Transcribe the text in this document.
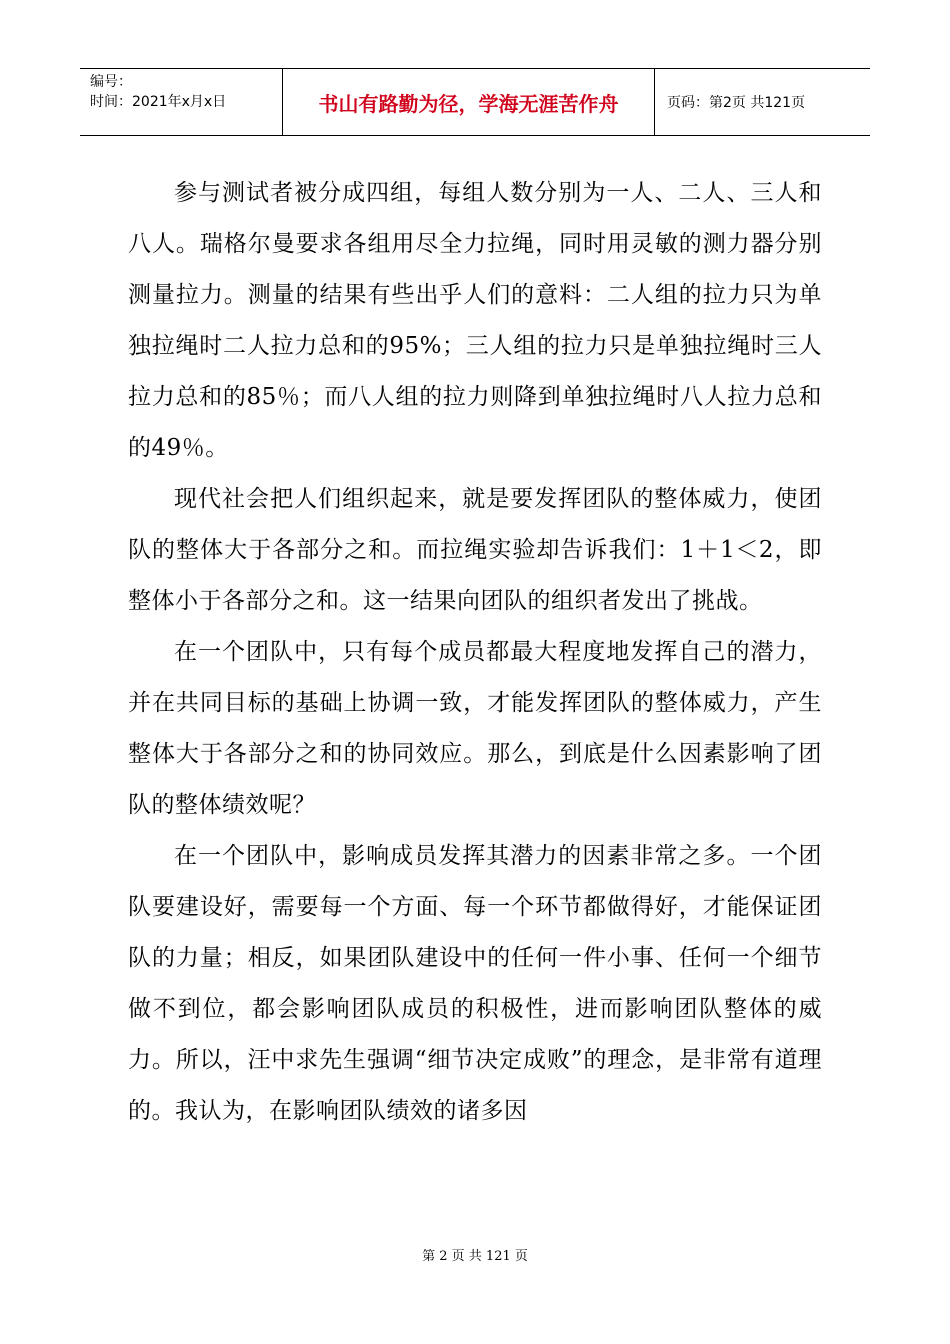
编号：
时间：2021年x月x日	书山有路勤为径，学海无涯苦作舟	页码：第2页 共121页

参与测试者被分成四组，每组人数分别为一人、二人、三人和八人。瑞格尔曼要求各组用尽全力拉绳，同时用灵敏的测力器分别测量拉力。测量的结果有些出乎人们的意料：二人组的拉力只为单独拉绳时二人拉力总和的95%；三人组的拉力只是单独拉绳时三人拉力总和的85％；而八人组的拉力则降到单独拉绳时八人拉力总和的49％。

现代社会把人们组织起来，就是要发挥团队的整体威力，使团队的整体大于各部分之和。而拉绳实验却告诉我们：1＋1＜2，即整体小于各部分之和。这一结果向团队的组织者发出了挑战。

在一个团队中，只有每个成员都最大程度地发挥自己的潜力，并在共同目标的基础上协调一致，才能发挥团队的整体威力，产生整体大于各部分之和的协同效应。那么，到底是什么因素影响了团队的整体绩效呢？

在一个团队中，影响成员发挥其潜力的因素非常之多。一个团队要建设好，需要每一个方面、每一个环节都做得好，才能保证团队的力量；相反，如果团队建设中的任何一件小事、任何一个细节做不到位，都会影响团队成员的积极性，进而影响团队整体的威力。所以，汪中求先生强调“细节决定成败”的理念，是非常有道理的。我认为，在影响团队绩效的诸多因

第 2 页 共 121 页
